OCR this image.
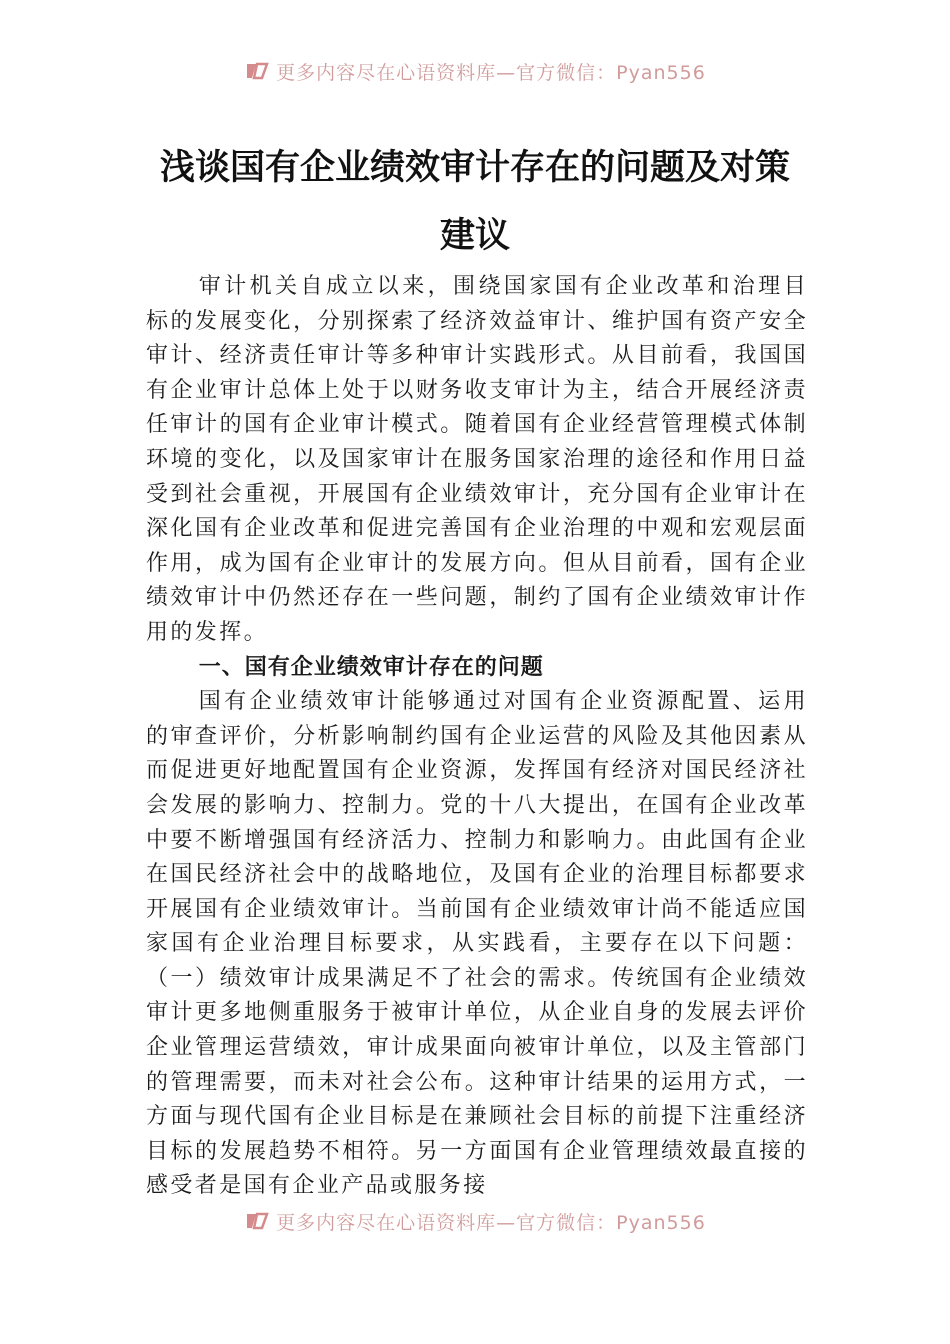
更多内容尽在心语资料库—官方微信：Pyan556
浅谈国有企业绩效审计存在的问题及对策
建议

审计机关自成立以来，围绕国家国有企业改革和治理目标的发展变化，分别探索了经济效益审计、维护国有资产安全审计、经济责任审计等多种审计实践形式。从目前看，我国国有企业审计总体上处于以财务收支审计为主，结合开展经济责任审计的国有企业审计模式。随着国有企业经营管理模式体制环境的变化，以及国家审计在服务国家治理的途径和作用日益受到社会重视，开展国有企业绩效审计，充分国有企业审计在深化国有企业改革和促进完善国有企业治理的中观和宏观层面作用，成为国有企业审计的发展方向。但从目前看，国有企业绩效审计中仍然还存在一些问题，制约了国有企业绩效审计作用的发挥。

一、国有企业绩效审计存在的问题

国有企业绩效审计能够通过对国有企业资源配置、运用的审查评价，分析影响制约国有企业运营的风险及其他因素从而促进更好地配置国有企业资源，发挥国有经济对国民经济社会发展的影响力、控制力。党的十八大提出，在国有企业改革中要不断增强国有经济活力、控制力和影响力。由此国有企业在国民经济社会中的战略地位，及国有企业的治理目标都要求开展国有企业绩效审计。当前国有企业绩效审计尚不能适应国家国有企业治理目标要求，从实践看，主要存在以下问题：（一）绩效审计成果满足不了社会的需求。传统国有企业绩效审计更多地侧重服务于被审计单位，从企业自身的发展去评价企业管理运营绩效，审计成果面向被审计单位，以及主管部门的管理需要，而未对社会公布。这种审计结果的运用方式，一方面与现代国有企业目标是在兼顾社会目标的前提下注重经济目标的发展趋势不相符。另一方面国有企业管理绩效最直接的感受者是国有企业产品或服务接

更多内容尽在心语资料库—官方微信：Pyan556
